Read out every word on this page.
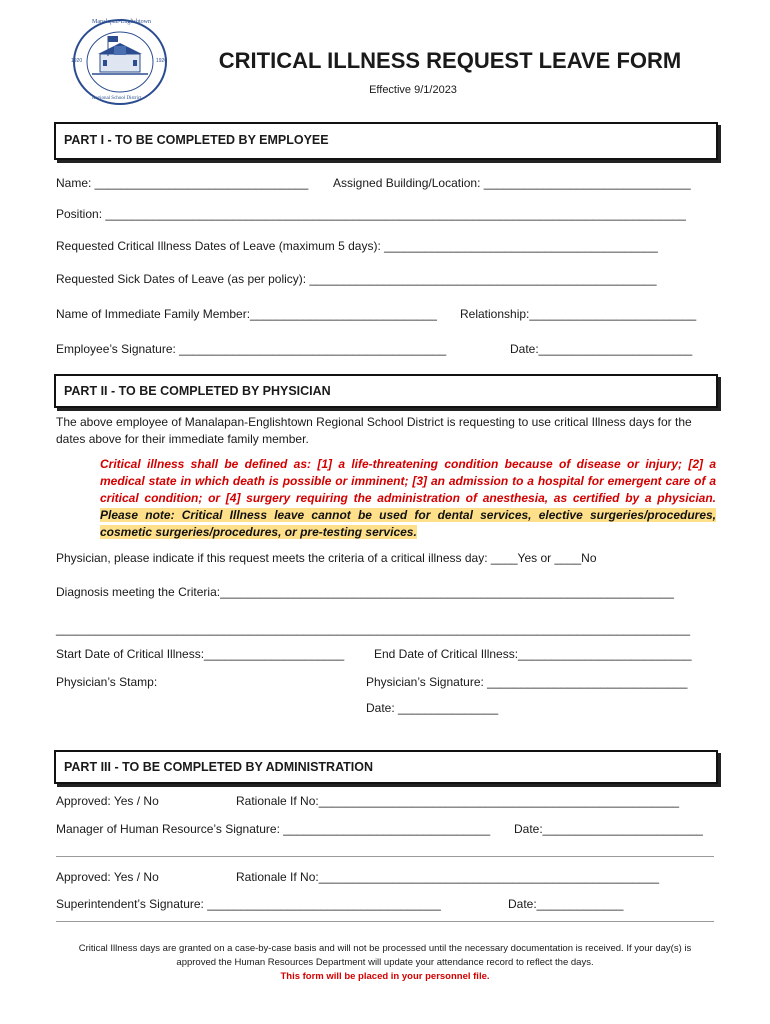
Manalapan-Englishtown
Regional School District
1920	1920	CRITICAL ILLNESS REQUEST LEAVE FORM
Effective 9/1/2023
PART I - TO BE COMPLETED BY EMPLOYEE
Name: ________________________________ Assigned Building/Location: _______________________________
Position: _______________________________________________________________________________________
Requested Critical Illness Dates of Leave (maximum 5 days): _________________________________________
Requested Sick Dates of Leave (as per policy): ____________________________________________________
Name of Immediate Family Member:____________________________ Relationship:_________________________
Employee’s Signature: ________________________________________	Date:_______________________
PART II - TO BE COMPLETED BY PHYSICIAN
The above employee of Manalapan-Englishtown Regional School District is requesting to use critical Illness days for the dates above for their immediate family member.
Critical illness shall be defined as: [1] a life-threatening condition because of disease or injury; [2] a medical state in which death is possible or imminent; [3] an admission to a hospital for emergent care of a critical condition; or [4] surgery requiring the administration of anesthesia, as certified by a physician. Please note: Critical Illness leave cannot be used for dental services, elective surgeries/procedures, cosmetic surgeries/procedures, or pre-testing services.
Physician, please indicate if this request meets the criteria of a critical illness day: ____Yes or ____No
Diagnosis meeting the Criteria:____________________________________________________________________
_______________________________________________________________________________________________
Start Date of Critical Illness:_____________________ End Date of Critical Illness:__________________________
Physician’s Stamp:	Physician’s Signature: ______________________________
Date: _______________
PART III - TO BE COMPLETED BY ADMINISTRATION
Approved: Yes / No	Rationale If No:______________________________________________________
Manager of Human Resource’s Signature: _______________________________ Date:________________________
Approved: Yes / No	Rationale If No:___________________________________________________
Superintendent’s Signature: ___________________________________	Date:_____________
Critical Illness days are granted on a case-by-case basis and will not be processed until the necessary documentation is received. If your day(s) is
approved the Human Resources Department will update your attendance record to reflect the days.
This form will be placed in your personnel file.
